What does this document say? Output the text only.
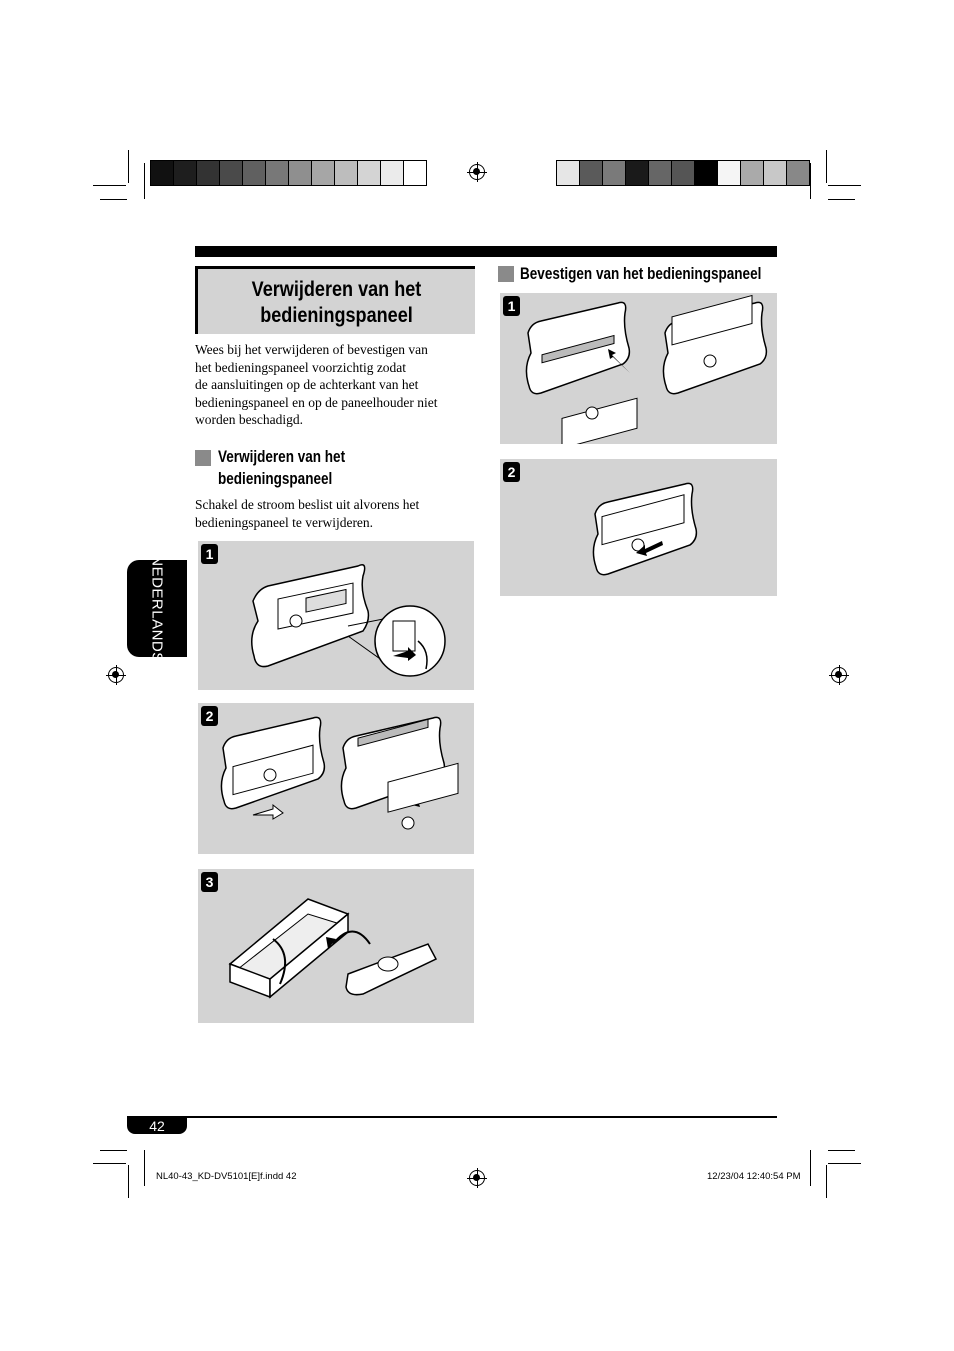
Verwijderen van het
bedieningspaneel
Wees bij het verwijderen of bevestigen van
het bedieningspaneel voorzichtig zodat
de aansluitingen op de achterkant van het
bedieningspaneel en op de paneelhouder niet
worden beschadigd.
Verwijderen van het
bedieningspaneel
Schakel de stroom beslist uit alvorens het
bedieningspaneel te verwijderen.
1
2
3
Bevestigen van het bedieningspaneel
1
2
NEDERLANDS
42
NL40-43_KD-DV5101[E]f.indd 42	12/23/04 12:40:54 PM
